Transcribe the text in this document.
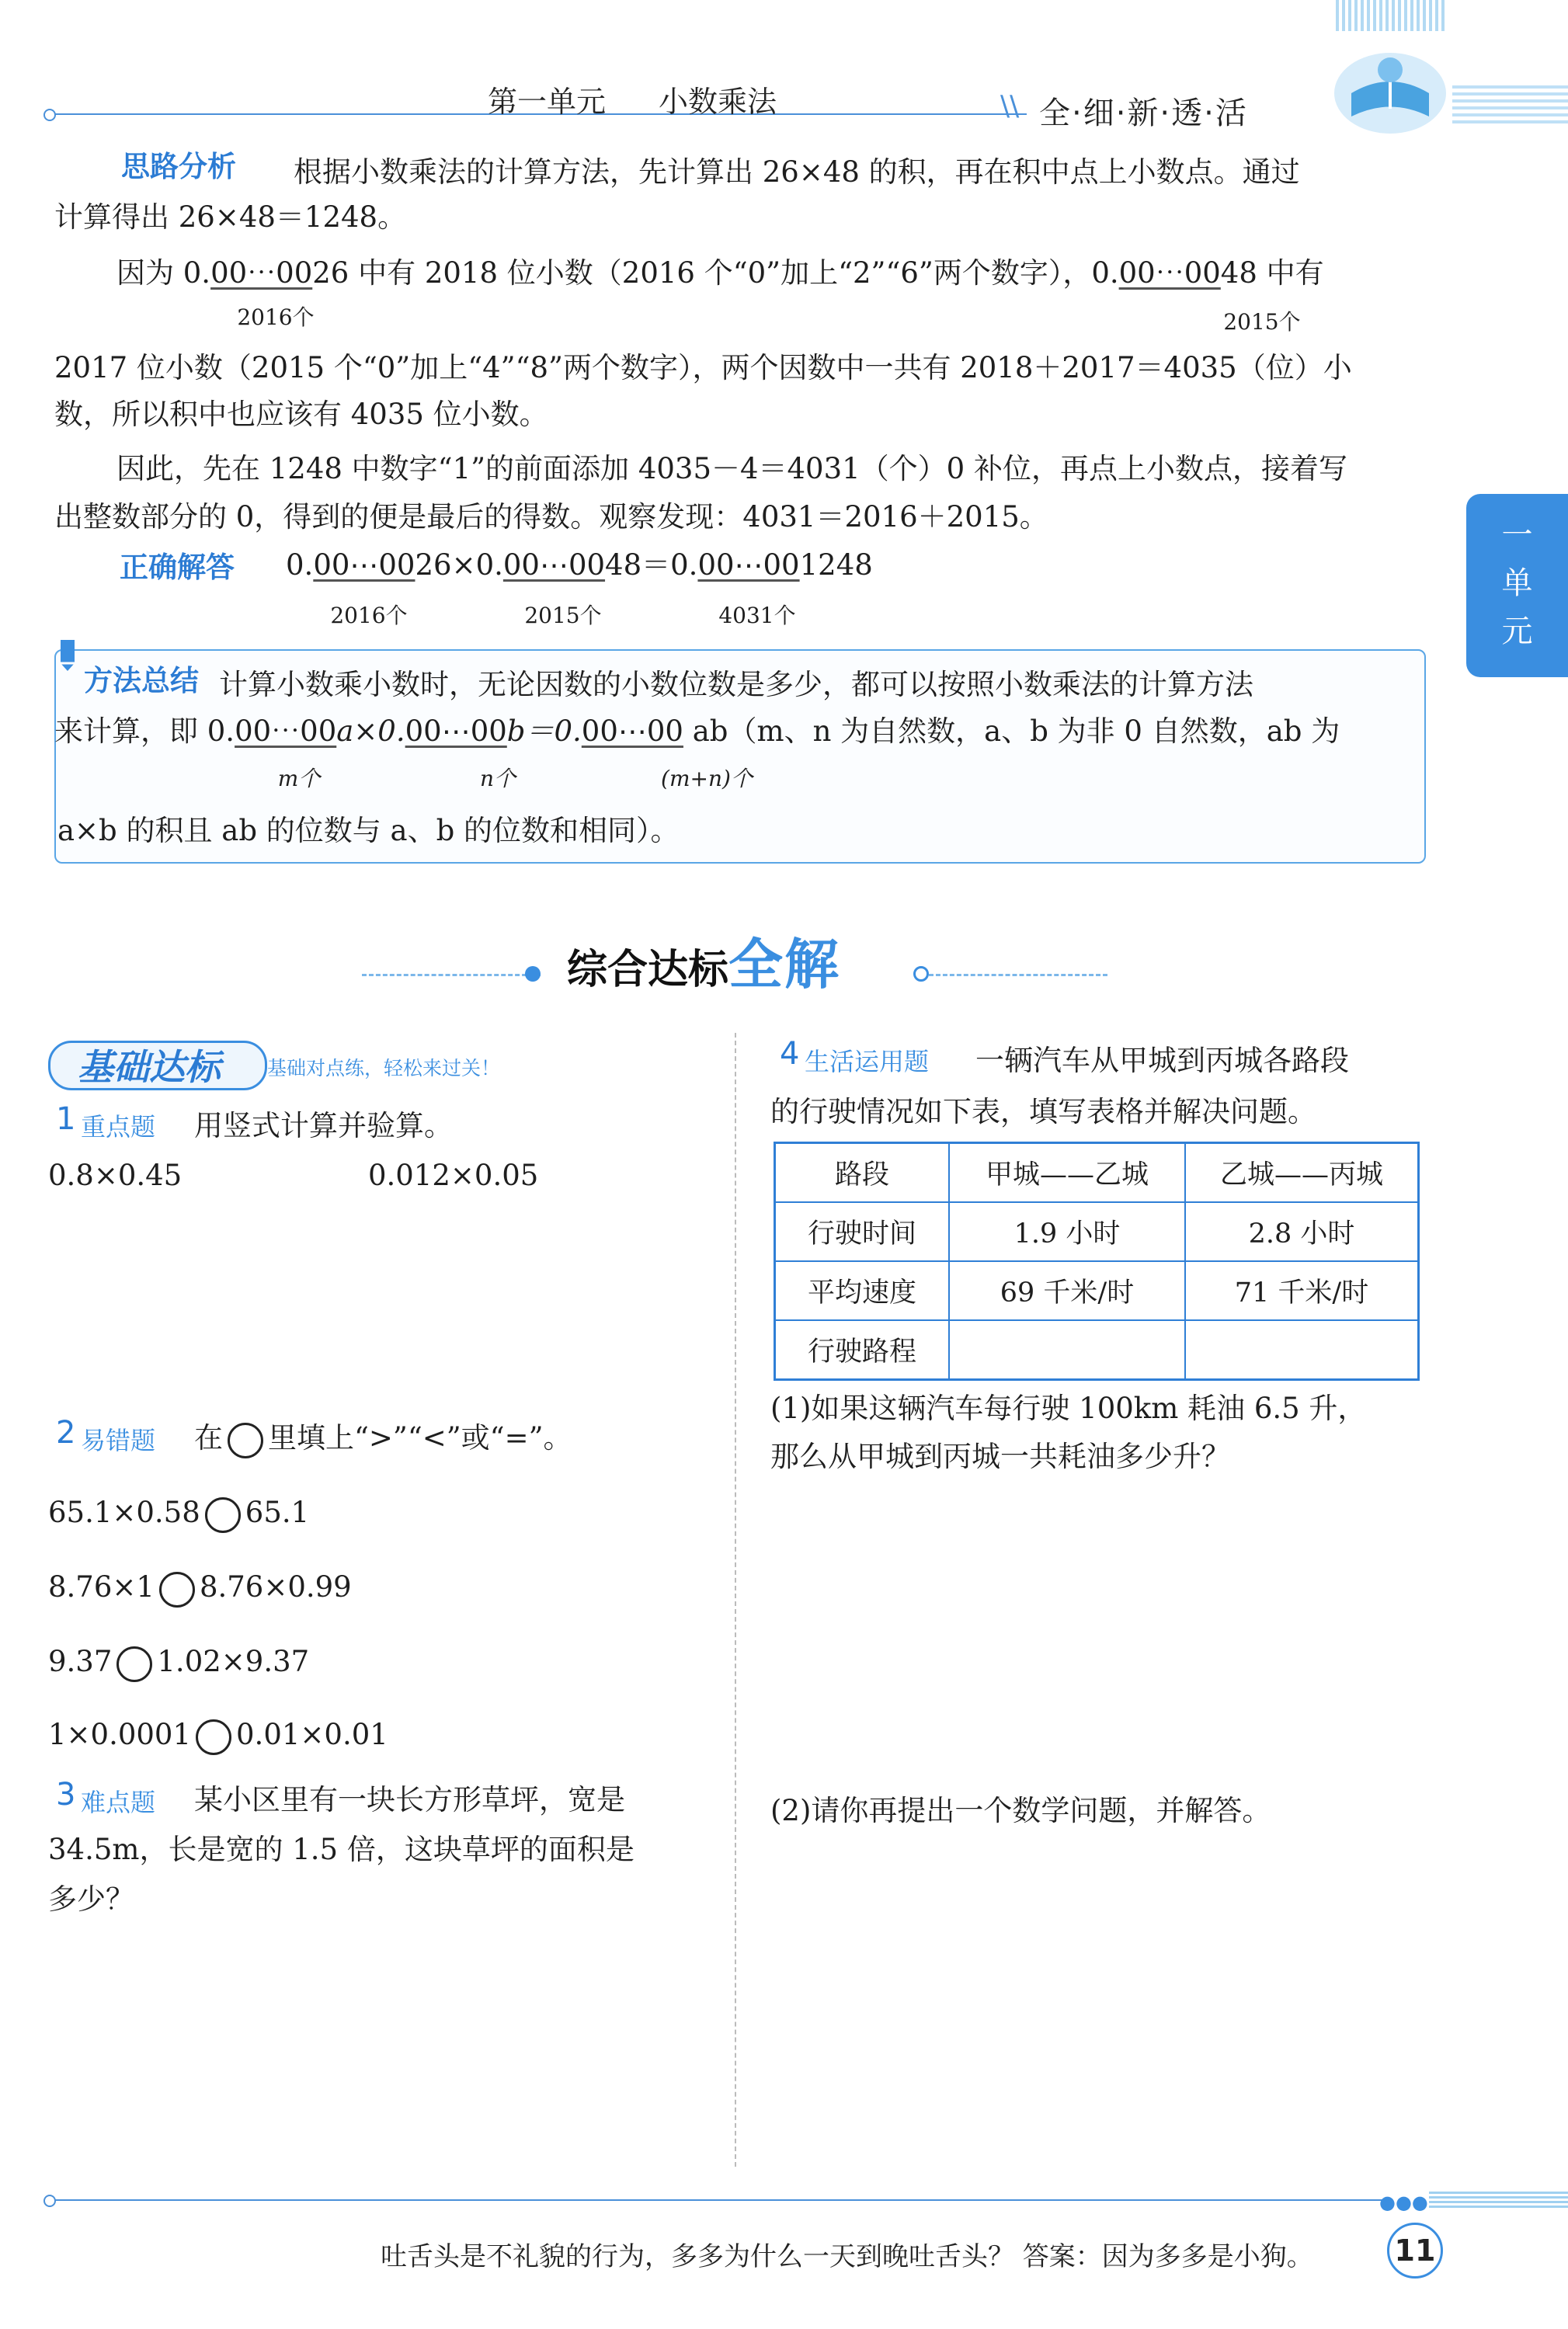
第一单元 小数乘法	\\ 全·细·新·透·活
一
单
元
思路分析 根据小数乘法的计算方法，先计算出 26×48 的积，再在积中点上小数点。通过
计算得出 26×48＝1248。
因为 0.00⋯0026 中有 2018 位小数（2016 个“0”加上“2”“6”两个数字），0.00⋯0048 中有
2016个	2015个
2017 位小数（2015 个“0”加上“4”“8”两个数字），两个因数中一共有 2018＋2017＝4035（位）小
数，所以积中也应该有 4035 位小数。
因此，先在 1248 中数字“1”的前面添加 4035－4＝4031（个）0 补位，再点上小数点，接着写
出整数部分的 0，得到的便是最后的得数。观察发现：4031＝2016＋2015。
正确解答 0.00⋯0026×0.00⋯0048＝0.00⋯001248
2016个	2015个	4031个
方法总结 计算小数乘小数时，无论因数的小数位数是多少，都可以按照小数乘法的计算方法
来计算，即 0.00⋯00a×0.00⋯00b＝0.00⋯00 ab（m、n 为自然数，a、b 为非 0 自然数，ab 为
m个	n个	(m+n)个
a×b 的积且 ab 的位数与 a、b 的位数和相同）。
综合达标全解
基础达标 基础对点练，轻松来过关！
1 重点题 用竖式计算并验算。
0.8×0.45	0.012×0.05
2 易错题 在 里填上“>”“<”或“=”。
65.1×0.58 65.1
8.76×1 8.76×0.99
9.37 1.02×9.37
1×0.0001 0.01×0.01
3 难点题 某小区里有一块长方形草坪，宽是
34.5m，长是宽的 1.5 倍，这块草坪的面积是
多少？
4 生活运用题 一辆汽车从甲城到丙城各路段
的行驶情况如下表，填写表格并解决问题。
路段	甲城——乙城	乙城——丙城
行驶时间	1.9 小时	2.8 小时
平均速度	69 千米/时	71 千米/时
行驶路程		
(1)如果这辆汽车每行驶 100km 耗油 6.5 升，
那么从甲城到丙城一共耗油多少升？
(2)请你再提出一个数学问题，并解答。
●●●
吐舌头是不礼貌的行为，多多为什么一天到晚吐舌头？ 答案：因为多多是小狗。	11
